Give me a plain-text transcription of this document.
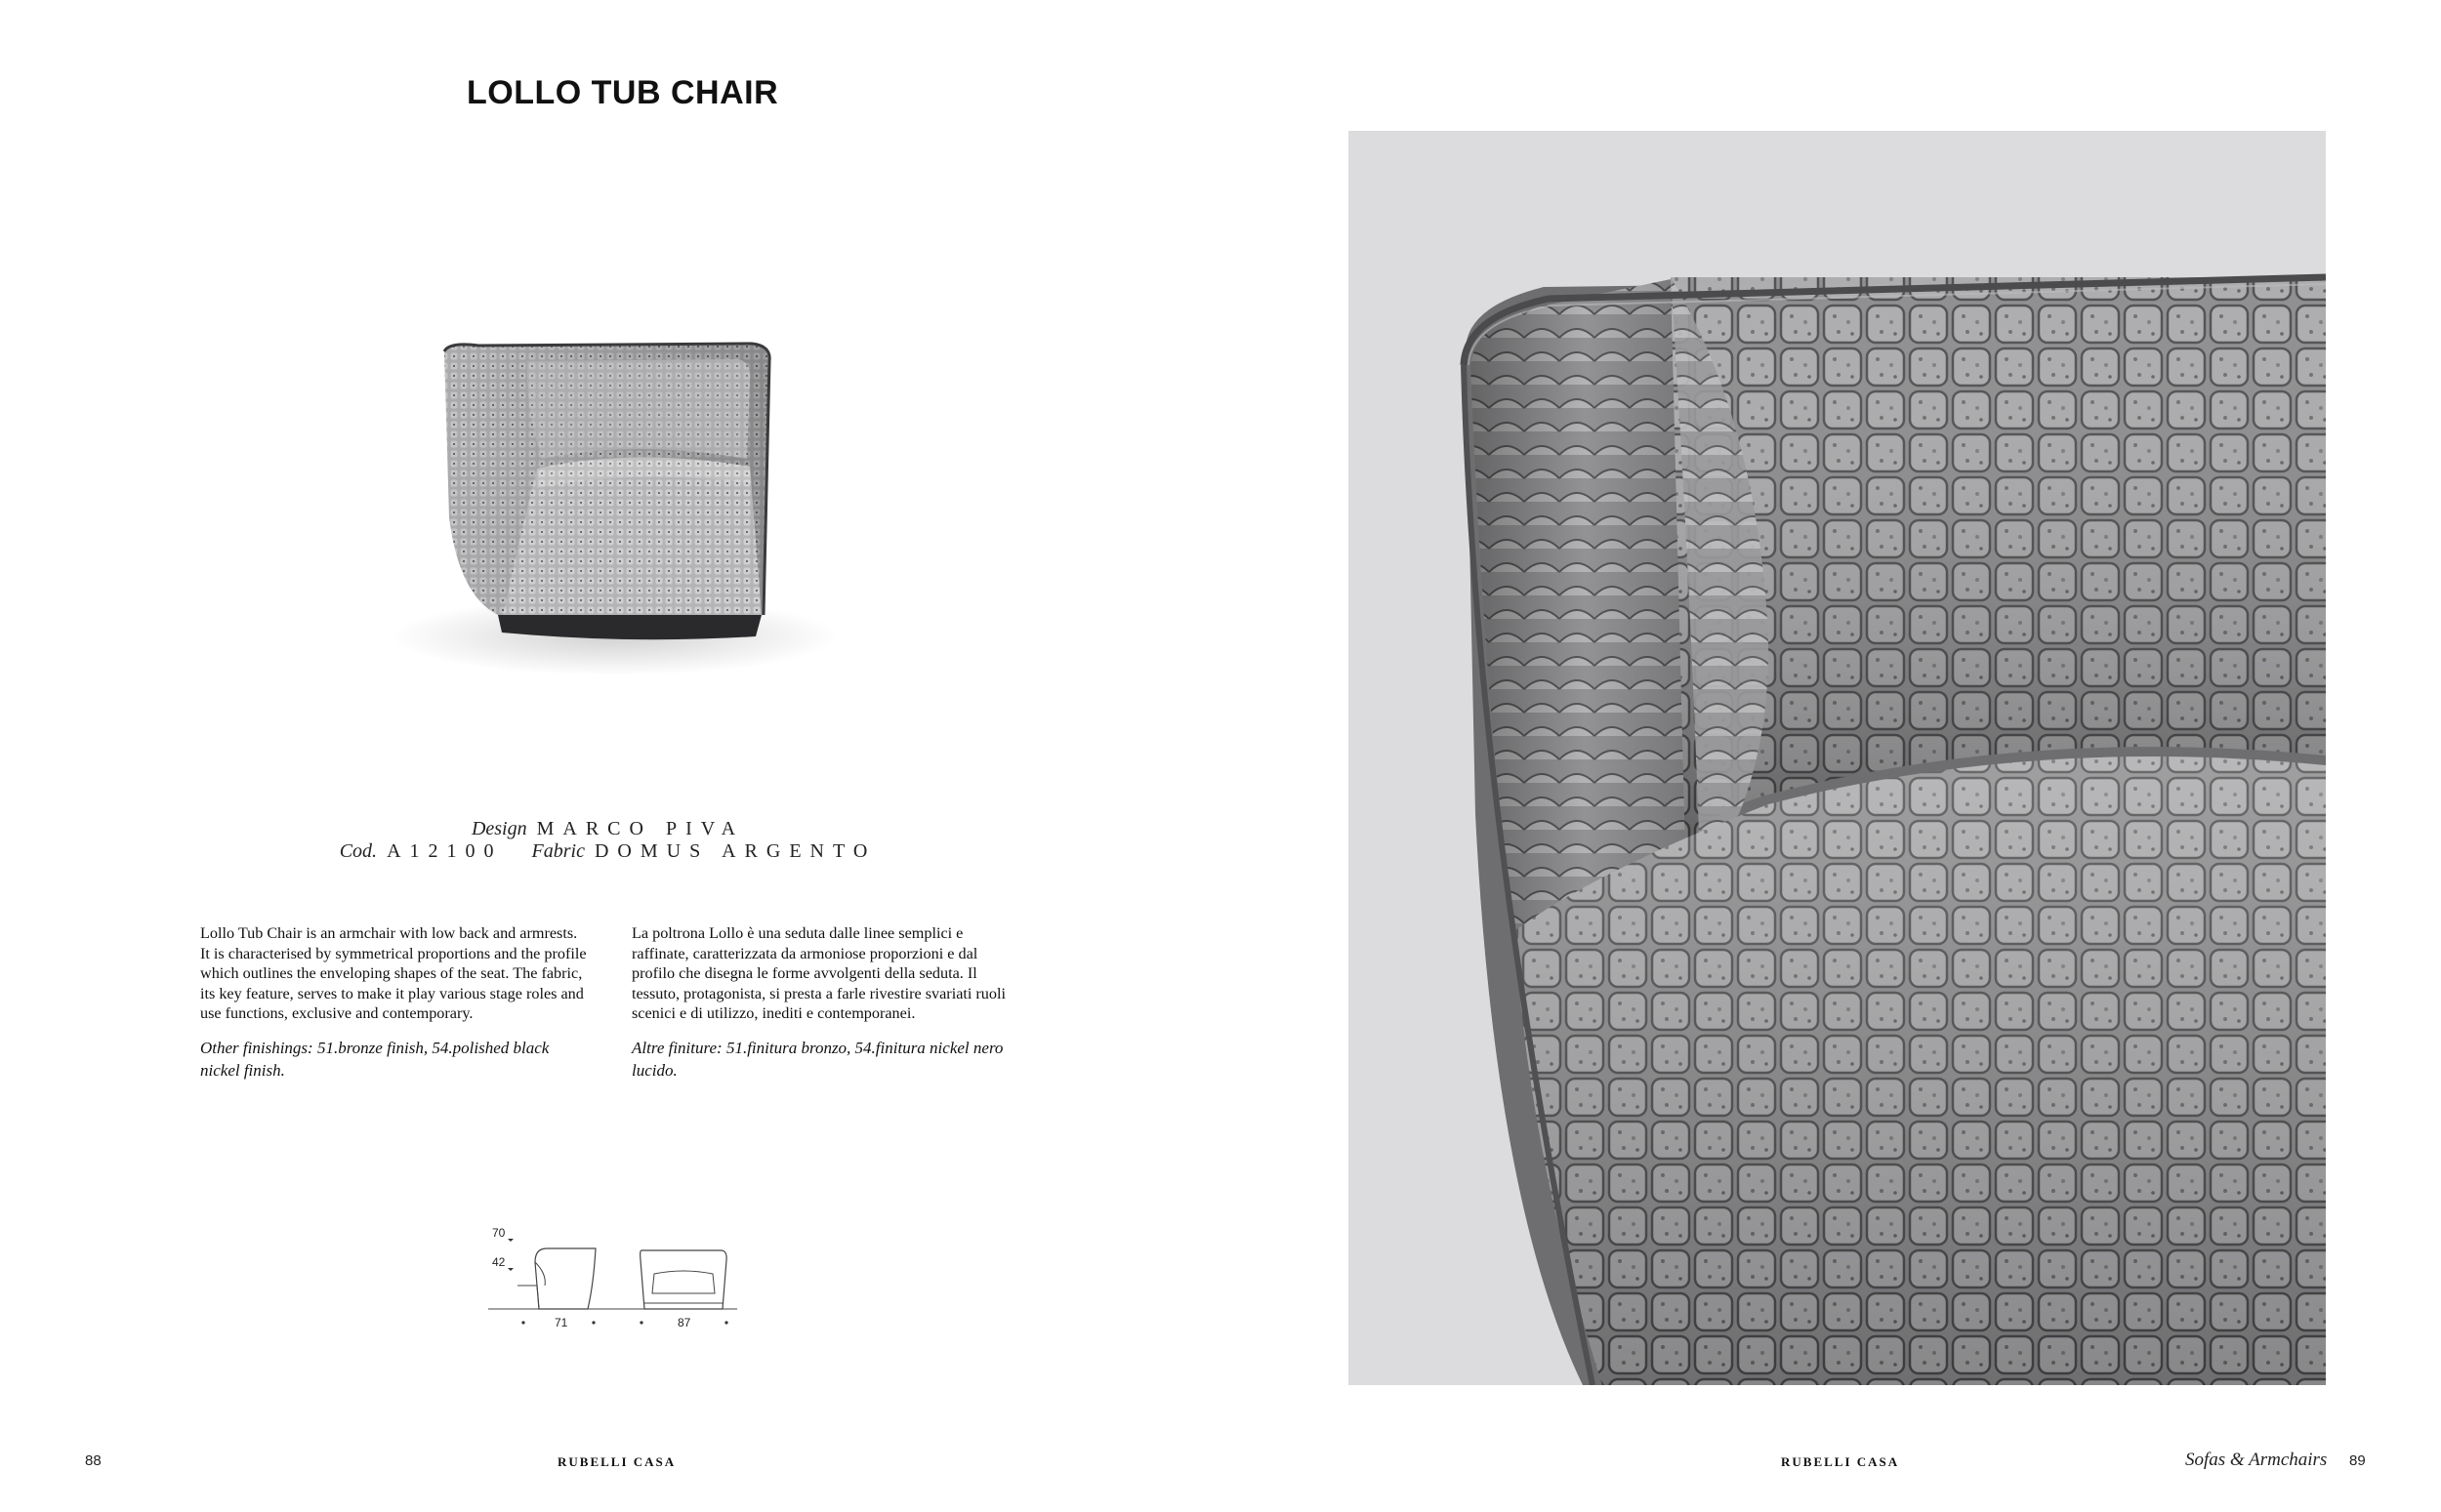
LOLLO TUB CHAIR
Design MARCO PIVA
Cod. A12100 Fabric DOMUS ARGENTO

Lollo Tub Chair is an armchair with low back and armrests. It is characterised by symmetrical proportions and the profile which outlines the enveloping shapes of the seat. The fabric, its key feature, serves to make it play various stage roles and use functions, exclusive and contemporary.

Other finishings: 51.bronze finish, 54.polished black nickel finish.

La poltrona Lollo è una seduta dalle linee semplici e raffinate, caratterizzata da armoniose proporzioni e dal profilo che disegna le forme avvolgenti della seduta. Il tessuto, protagonista, si presta a farle rivestire svariati ruoli scenici e di utilizzo, inediti e contemporanei.

Altre finiture: 51.finitura bronzo, 54.finitura nickel nero lucido.

70
42
71	87
88	RUBELLI CASA	RUBELLI CASA	Sofas & Armchairs 89
